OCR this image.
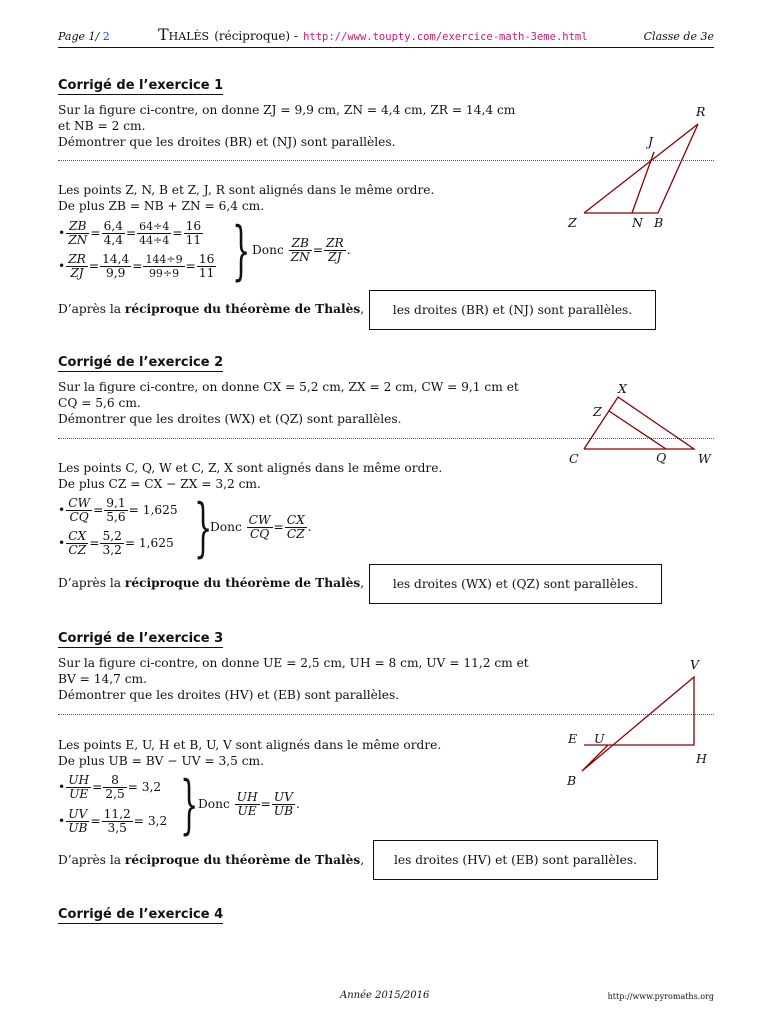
Page 1/ 2	Thalès (réciproque) - http://www.toupty.com/exercice-math-3eme.html	Classe de 3e
Corrigé de l’exercice 1
Sur la figure ci-contre, on donne ZJ = 9,9 cm, ZN = 4,4 cm, ZR = 14,4 cm
et NB = 2 cm.
Démontrer que les droites (BR) et (NJ) sont parallèles.
Les points Z, N, B et Z, J, R sont alignés dans le même ordre.
De plus ZB = NB + ZN = 6,4 cm.
• $\frac{ZB}{ZN} = \frac{6,4}{4,4} = \frac{64\div 4}{44\div 4} = \frac{16}{11}$
• $\frac{ZR}{ZJ} = \frac{14,4}{9,9} = \frac{144\div 9}{99\div 9} = \frac{16}{11}$ } Donc
$\frac{ZB}{ZN} = \frac{ZR}{ZJ}$ .
D’après la réciproque du théorème de Thalès,	les droites (BR) et (NJ) sont parallèles.
R
J
Z	N B
Corrigé de l’exercice 2
Sur la figure ci-contre, on donne CX = 5,2 cm, ZX = 2 cm, CW = 9,1 cm et
CQ = 5,6 cm.
Démontrer que les droites (WX) et (QZ) sont parallèles.
Les points C, Q, W et C, Z, X sont alignés dans le même ordre.
De plus CZ = CX − ZX = 3,2 cm.
• $\frac{CW}{CQ} = \frac{9,1}{5,6} = 1,625$
• $\frac{CX}{CZ} = \frac{5,2}{3,2} = 1,625$ }
Donc
$\frac{CW}{CQ} = \frac{CX}{CZ}$ .
D’après la réciproque du théorème de Thalès,	les droites (WX) et (QZ) sont parallèles.
X
Z
C	Q	W
Corrigé de l’exercice 3
Sur la figure ci-contre, on donne UE = 2,5 cm, UH = 8 cm, UV = 11,2 cm et
BV = 14,7 cm.
Démontrer que les droites (HV) et (EB) sont parallèles.
Les points E, U, H et B, U, V sont alignés dans le même ordre.
De plus UB = BV − UV = 3,5 cm.
• $\frac{UH}{UE} = \frac{8}{2,5} = 3,2$
• $\frac{UV}{UB} = \frac{11,2}{3,5} = 3,2$ } Donc
$\frac{UH}{UE} = \frac{UV}{UB}$ .
D’après la réciproque du théorème de Thalès,	les droites (HV) et (EB) sont parallèles.
V
E U
H
B
Corrigé de l’exercice 4
Année 2015/2016	http://www.pyromaths.org
